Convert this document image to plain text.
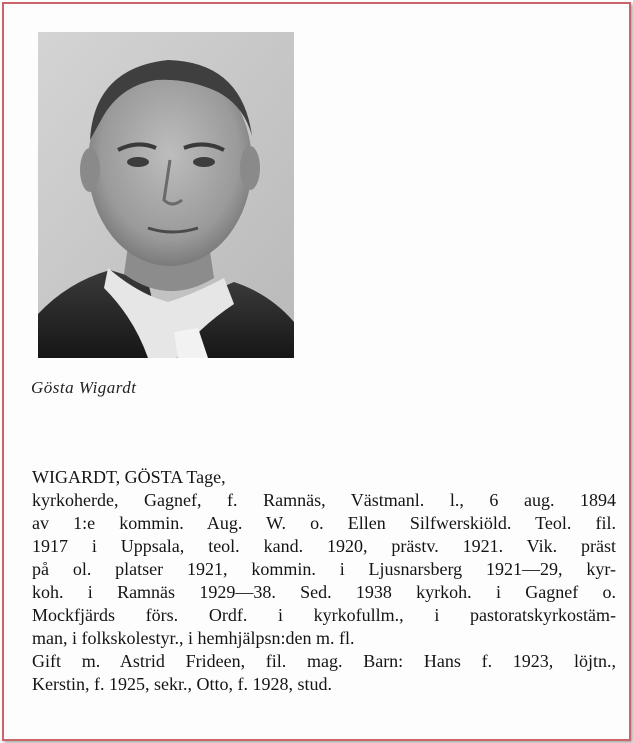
Gösta Wigardt
WIGARDT, GÖSTA Tage,
kyrkoherde, Gagnef, f. Ramnäs, Västmanl. l., 6 aug. 1894
av 1:e kommin. Aug. W. o. Ellen Silfwerskiöld. Teol. fil.
1917 i Uppsala, teol. kand. 1920, prästv. 1921. Vik. präst
på ol. platser 1921, kommin. i Ljusnarsberg 1921—29, kyr-
koh. i Ramnäs 1929—38. Sed. 1938 kyrkoh. i Gagnef o.
Mockfjärds förs. Ordf. i kyrkofullm., i pastoratskyrkostäm-
man, i folkskolestyr., i hemhjälpsn:den m. fl.
Gift m. Astrid Frideen, fil. mag. Barn: Hans f. 1923, löjtn.,
Kerstin, f. 1925, sekr., Otto, f. 1928, stud.
